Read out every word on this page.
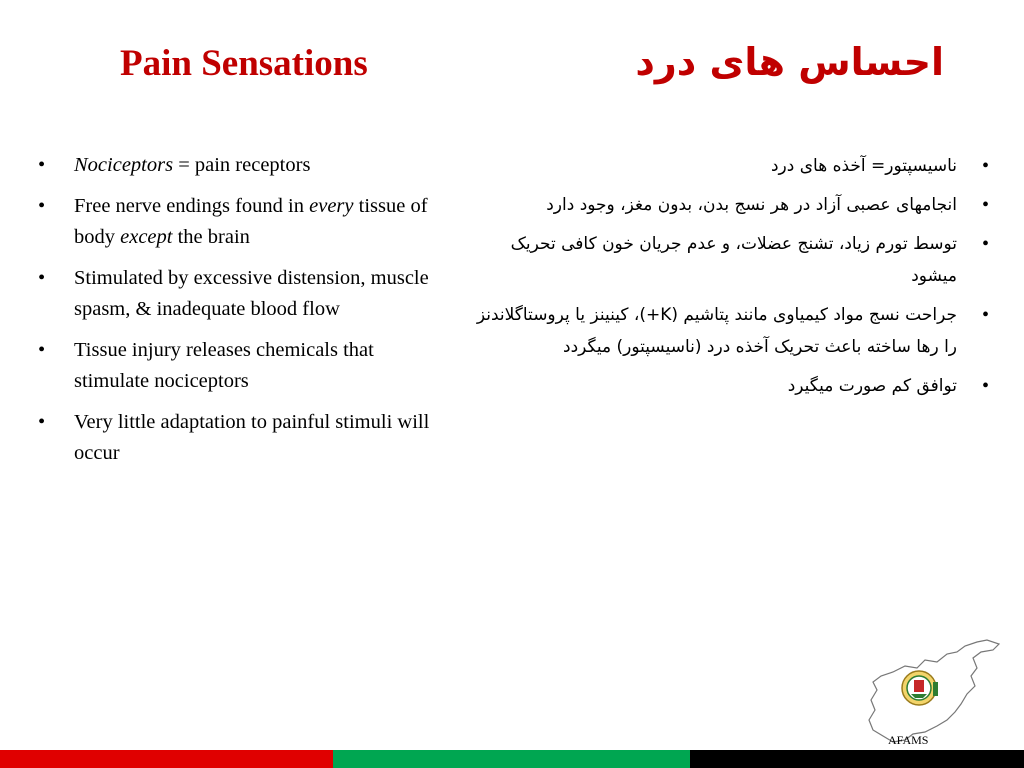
Pain Sensations	احساس های درد
• Nociceptors = pain receptors
• Free nerve endings found in every tissue of body except the brain
• Stimulated by excessive distension, muscle spasm, & inadequate blood flow
• Tissue injury releases chemicals that stimulate nociceptors
• Very little adaptation to painful stimuli will occur
• ناسیسپتور= آخذه های درد
• انجامهای عصبی آزاد در هر نسج بدن، بدون مغز، وجود دارد
• توسط تورم زیاد، تشنج عضلات، و عدم جریان خون کافی تحریک میشود
• جراحت نسج مواد کیمیاوی مانند پتاشیم (K+)، کینینز یا پروستاگلاندنز را رها ساخته باعث تحریک آخذه درد (ناسیسپتور) میگردد
• توافق کم صورت میگیرد
AFAMS
